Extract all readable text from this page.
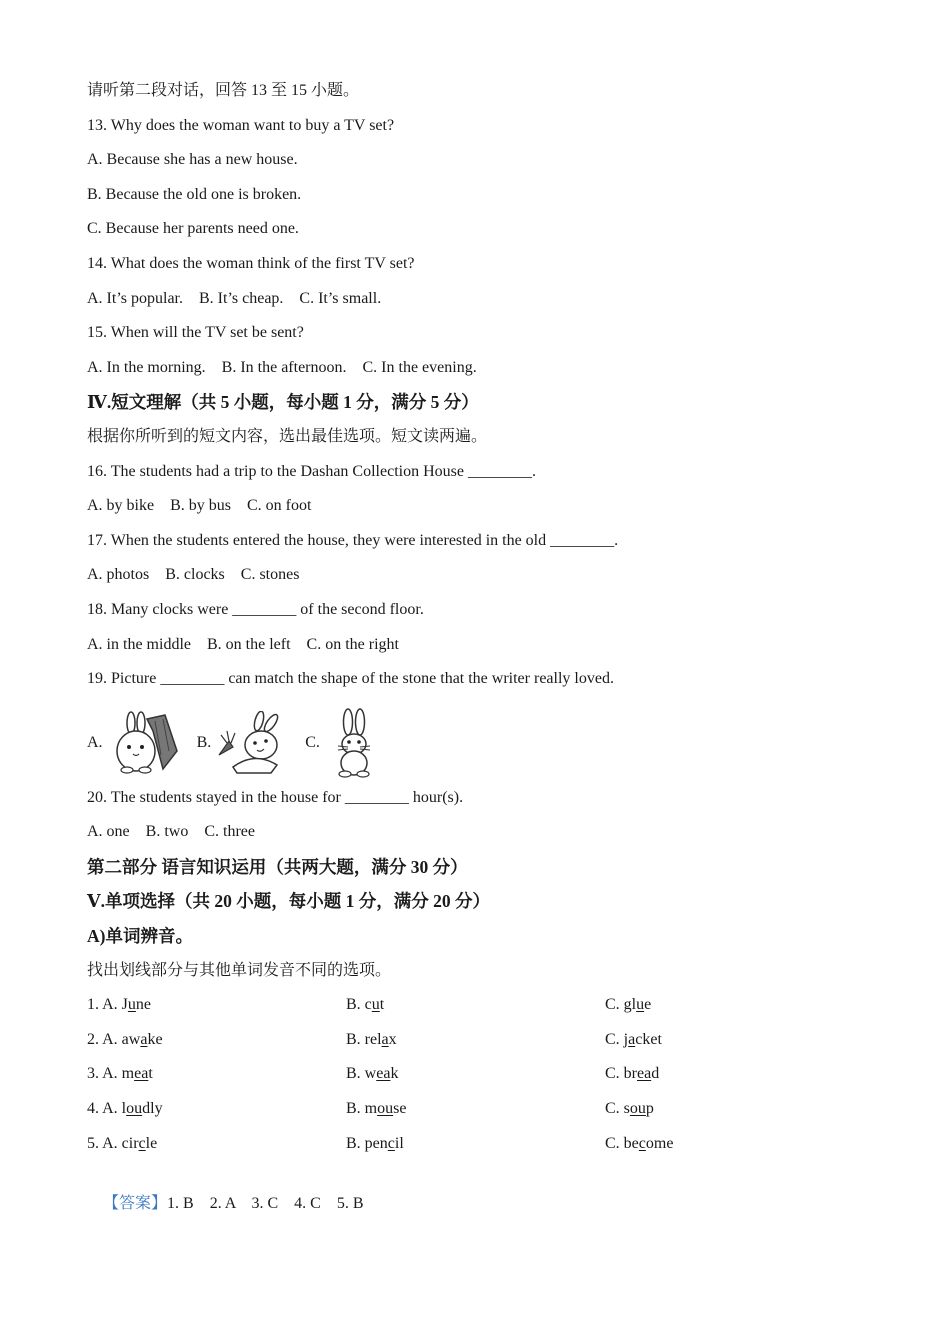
请听第二段对话，回答 13 至 15 小题。
13. Why does the woman want to buy a TV set?
A. Because she has a new house.
B. Because the old one is broken.
C. Because her parents need one.
14. What does the woman think of the first TV set?
A. It’s popular.    B. It’s cheap.    C. It’s small.
15. When will the TV set be sent?
A. In the morning.    B. In the afternoon.    C. In the evening.
Ⅳ.短文理解（共 5 小题，每小题 1 分，满分 5 分）
根据你所听到的短文内容，选出最佳选项。短文读两遍。
16. The students had a trip to the Dashan Collection House ________.
A. by bike    B. by bus    C. on foot
17. When the students entered the house, they were interested in the old ________.
A. photos    B. clocks    C. stones
18. Many clocks were ________ of the second floor.
A. in the middle    B. on the left    C. on the right
19. Picture ________ can match the shape of the stone that the writer really loved.
A.	B.	C.
20. The students stayed in the house for ________ hour(s).
A. one    B. two    C. three
第二部分 语言知识运用（共两大题，满分 30 分）
Ⅴ.单项选择（共 20 小题，每小题 1 分，满分 20 分）
A)单词辨音。
找出划线部分与其他单词发音不同的选项。
1. A. June	B. cut	C. glue
2. A. awake	B. relax	C. jacket
3. A. meat	B. weak	C. bread
4. A. loudly	B. mouse	C. soup
5. A. circle	B. pencil	C. become

【答案】1. B    2. A    3. C    4. C    5. B
